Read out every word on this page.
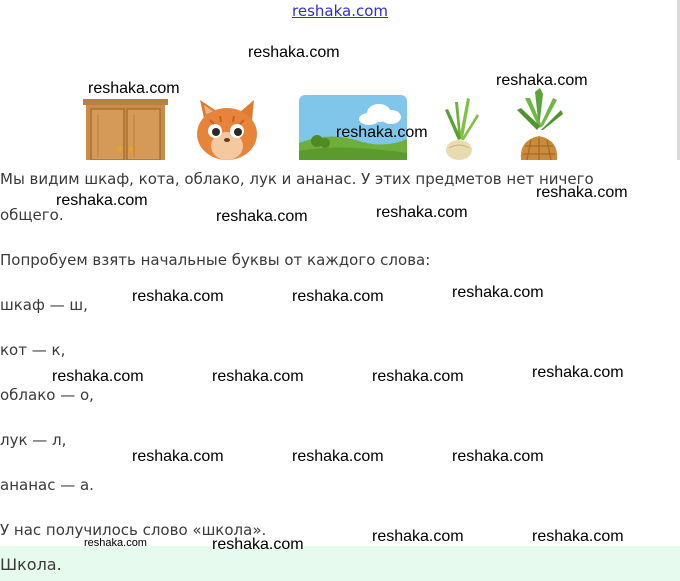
reshaka.com
Мы видим шкаф, кота, облако, лук и ананас. У этих предметов нет ничего
общего.
Попробуем взять начальные буквы от каждого слова:
шкаф — ш,
кот — к,
облако — о,
лук — л,
ананас — а.
У нас получилось слово «школа».
Школа.
reshaka.com
reshaka.com	reshaka.com
reshaka.com
reshaka.com
reshaka.com
reshaka.com	reshaka.com
reshaka.com	reshaka.com	reshaka.com
reshaka.com	reshaka.com	reshaka.com	reshaka.com
reshaka.com	reshaka.com	reshaka.com
reshaka.com	reshaka.com	reshaka.com	reshaka.com
